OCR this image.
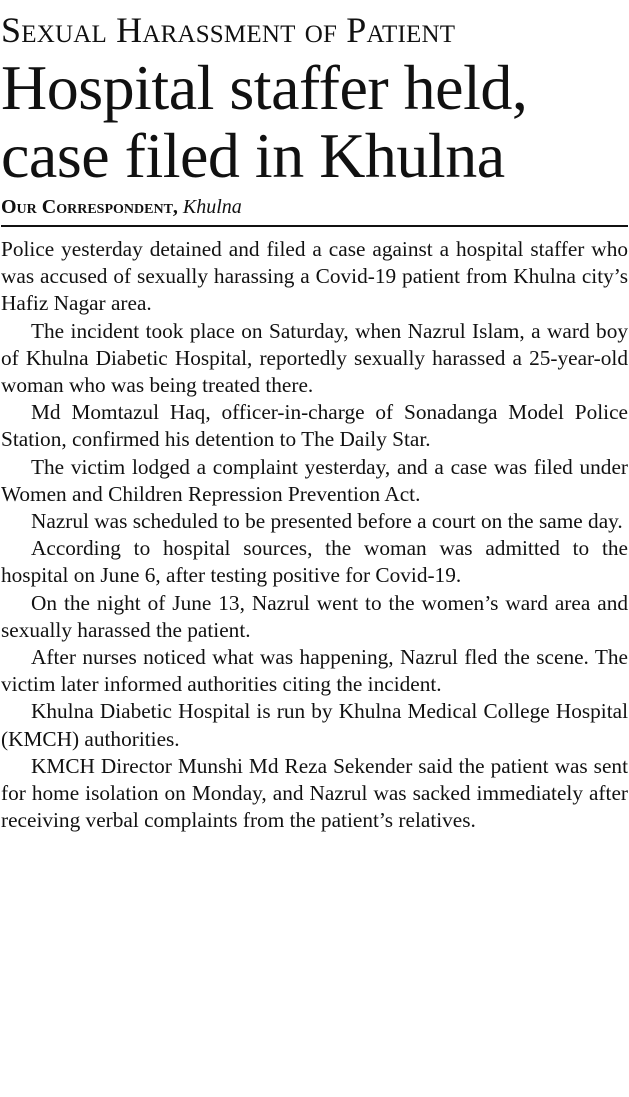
Sexual Harassment of Patient
Hospital staffer held,
case filed in Khulna
Our Correspondent, Khulna

Police yesterday detained and filed a case against a hospital staffer who was accused of sexually harassing a Covid-19 patient from Khulna city’s Hafiz Nagar area.

The incident took place on Saturday, when Nazrul Islam, a ward boy of Khulna Diabetic Hospital, reportedly sexually harassed a 25-year-old woman who was being treated there.

Md Momtazul Haq, officer-in-charge of Sonadanga Model Police Station, confirmed his detention to The Daily Star.

The victim lodged a complaint yesterday, and a case was filed under Women and Children Repression Prevention Act.

Nazrul was scheduled to be presented before a court on the same day.

According to hospital sources, the woman was admitted to the hospital on June 6, after testing positive for Covid-19.

On the night of June 13, Nazrul went to the women’s ward area and sexually harassed the patient.

After nurses noticed what was happening, Nazrul fled the scene. The victim later informed authorities citing the incident.

Khulna Diabetic Hospital is run by Khulna Medical College Hospital (KMCH) authorities.

KMCH Director Munshi Md Reza Sekender said the patient was sent for home isolation on Monday, and Nazrul was sacked immediately after receiving verbal complaints from the patient’s relatives.
